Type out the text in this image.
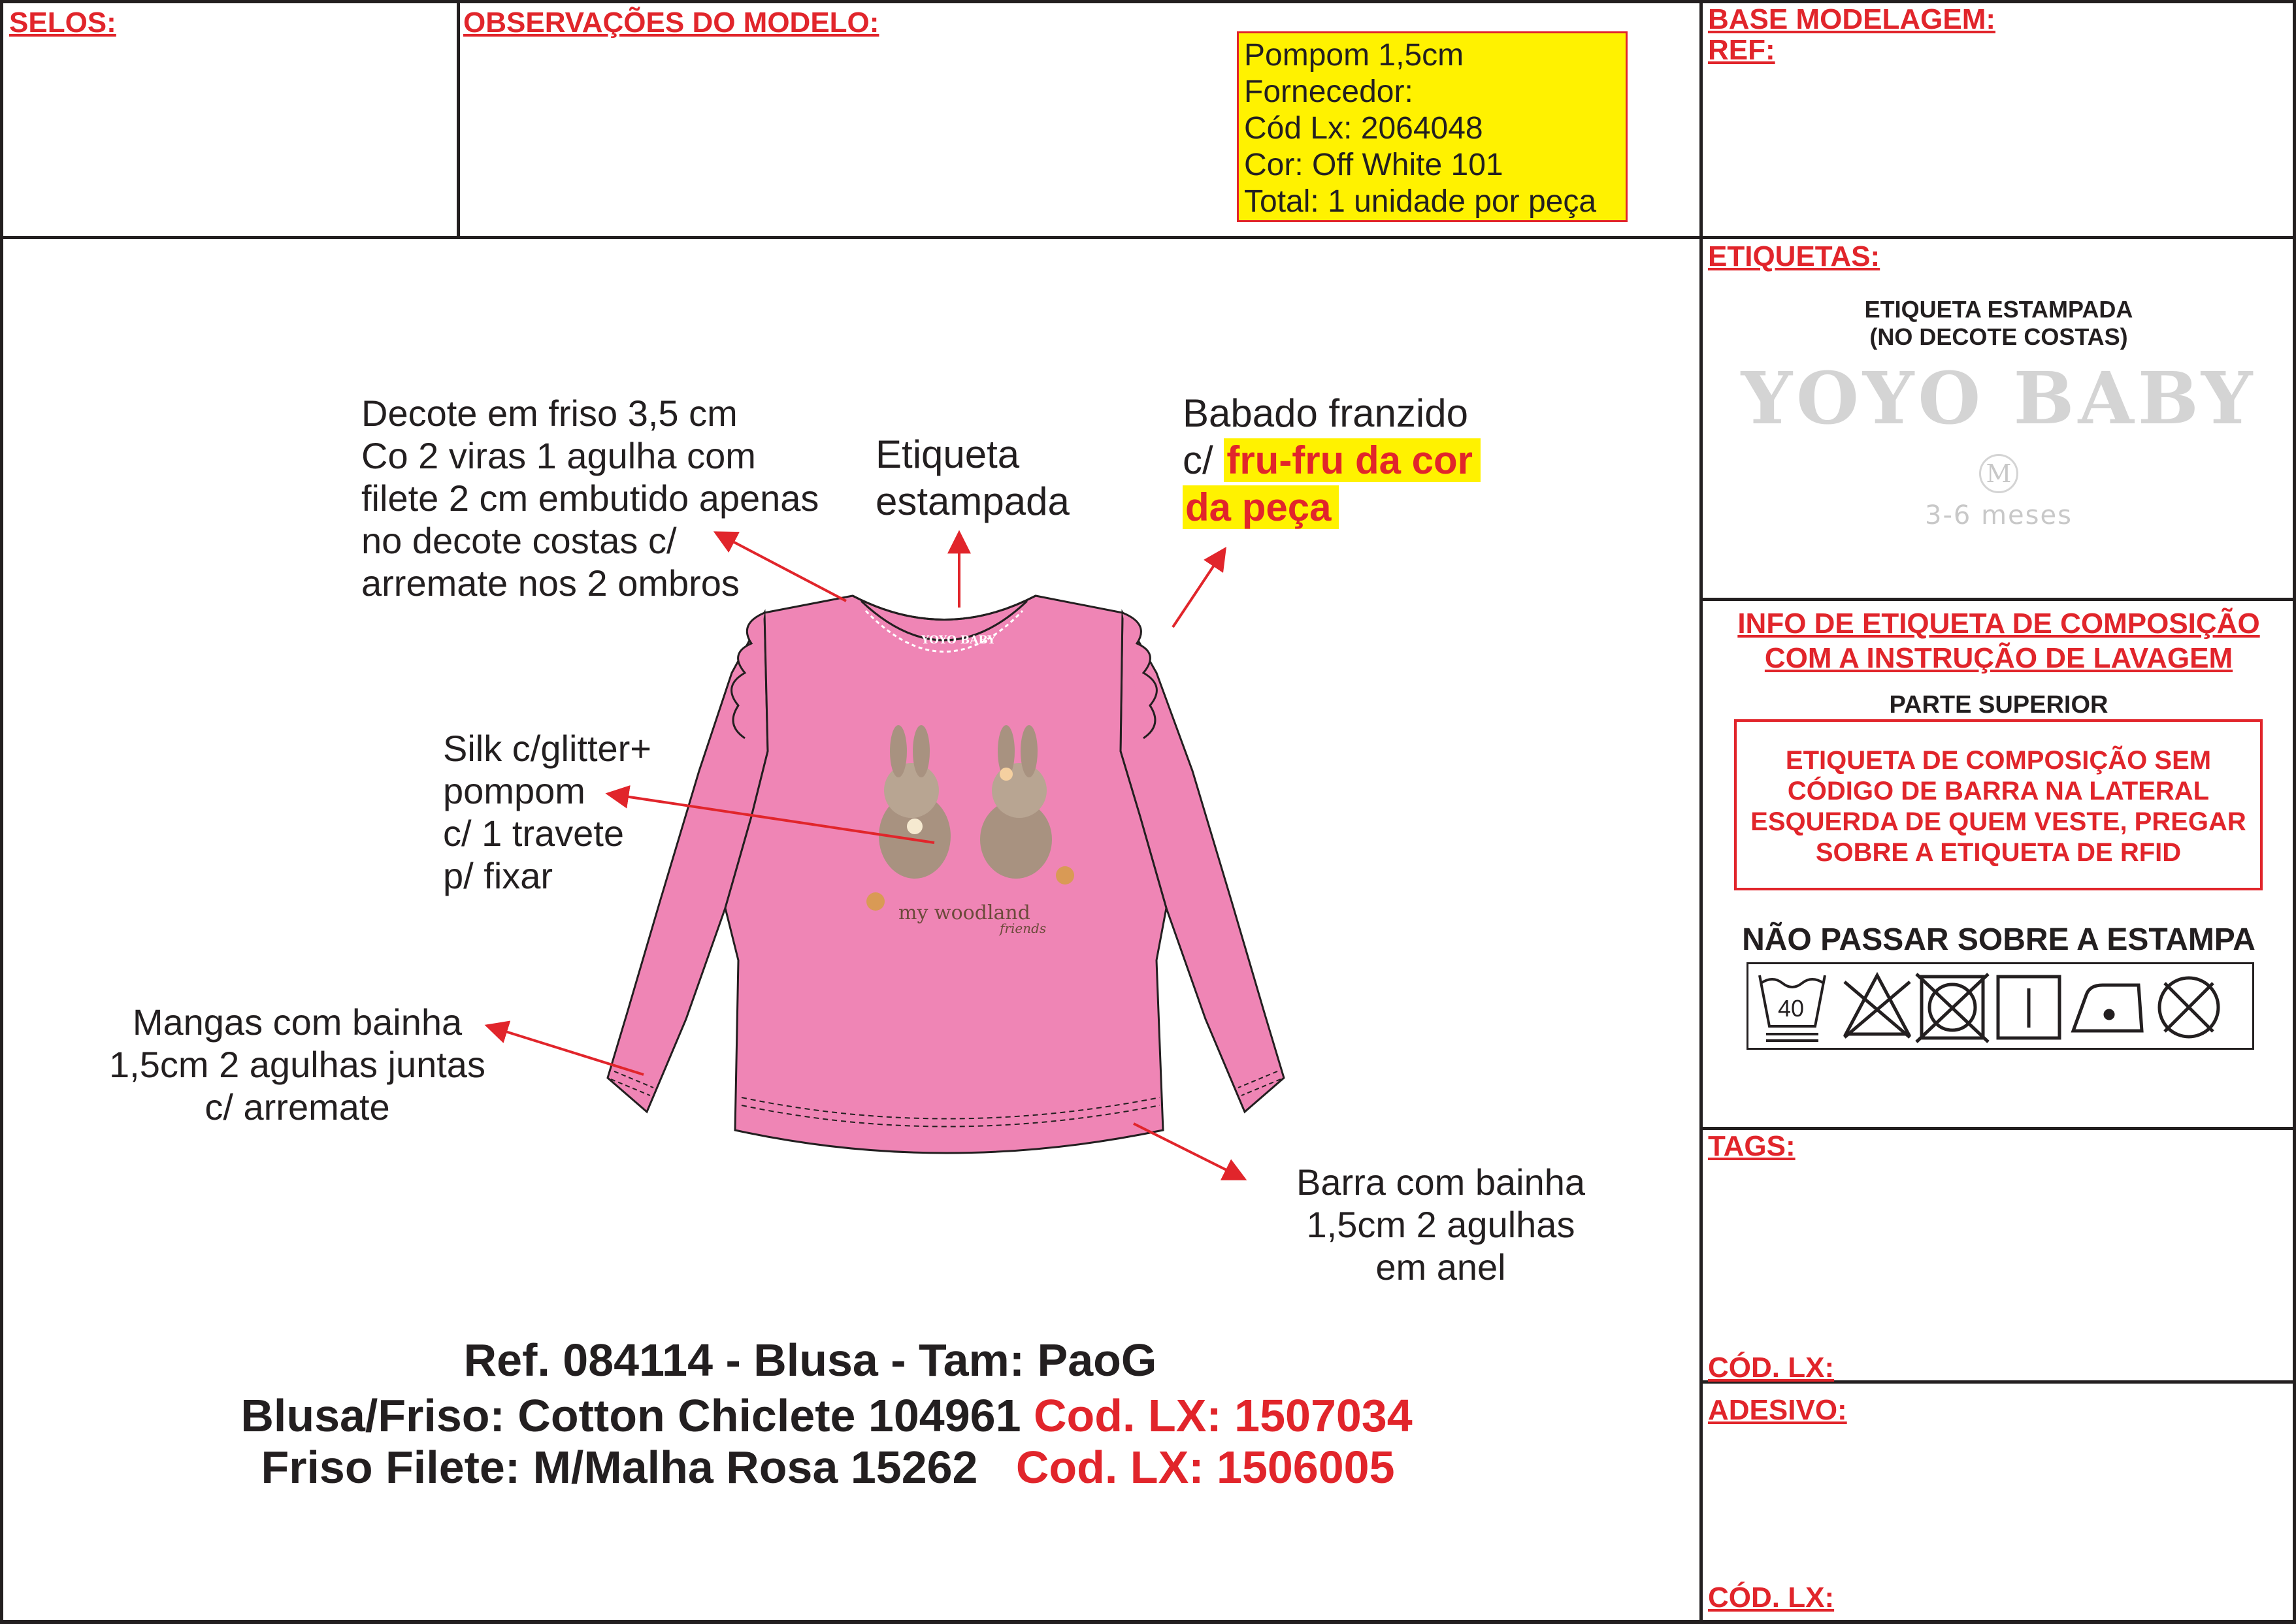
SELOS:	OBSERVAÇÕES DO MODELO:	BASE MODELAGEM:
REF:
ETIQUETAS:
INFO DE ETIQUETA DE COMPOSIÇÃO
COM A INSTRUÇÃO DE LAVAGEM
TAGS:
CÓD. LX:
ADESIVO:
CÓD. LX:
Pompom 1,5cm
Fornecedor:
Cód Lx: 2064048
Cor: Off White 101
Total: 1 unidade por peça
my woodland
friends
YOYO BABY
Decote em friso 3,5 cm
Co 2 viras 1 agulha com
filete 2 cm embutido apenas
no decote costas c/
arremate nos 2 ombros
Etiqueta
estampada
Babado franzido
c/ fru-fru da cor
da peça
Silk c/glitter+
pompom
c/ 1 travete
p/ fixar
Mangas com bainha
1,5cm 2 agulhas juntas
c/ arremate
Barra com bainha
1,5cm 2 agulhas
em anel
Ref. 084114 - Blusa - Tam: PaoG
Blusa/Friso: Cotton Chiclete 104961 Cod. LX: 1507034
Friso Filete: M/Malha Rosa 15262 Cod. LX: 1506005
ETIQUETA ESTAMPADA
(NO DECOTE COSTAS)
YOYO BABY
M
3-6 meses
PARTE SUPERIOR
ETIQUETA DE COMPOSIÇÃO SEM
CÓDIGO DE BARRA NA LATERAL
ESQUERDA DE QUEM VESTE, PREGAR
SOBRE A ETIQUETA DE RFID
NÃO PASSAR SOBRE A ESTAMPA
40
